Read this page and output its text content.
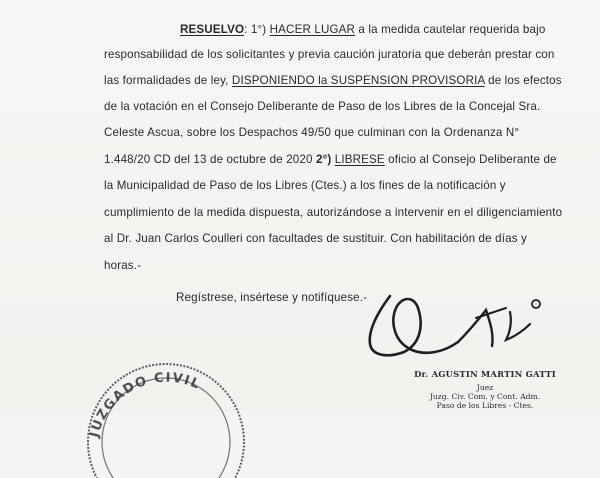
RESUELVO: 1°) HACER LUGAR a la medida cautelar requerida bajo
responsabilidad de los solicitantes y previa caución juratoria que deberán prestar con
las formalidades de ley, DISPONIENDO la SUSPENSION PROVISORIA de los efectos
de la votación en el Consejo Deliberante de Paso de los Libres de la Concejal Sra.
Celeste Ascua, sobre los Despachos 49/50 que culminan con la Ordenanza N°
1.448/20 CD del 13 de octubre de 2020 2°) LIBRESE oficio al Consejo Deliberante de
la Municipalidad de Paso de los Libres (Ctes.) a los fines de la notificación y
cumplimiento de la medida dispuesta, autorizándose a intervenir en el diligenciamiento
al Dr. Juan Carlos Coulleri con facultades de sustituir. Con habilitación de días y
horas.-
Regístrese, insértese y notifíquese.-
JUZGADO CIVIL
Dr. AGUSTIN MARTIN GATTI
Juez
Juzg. Civ. Com. y Cont. Adm.
Paso de los Libres - Ctes.
